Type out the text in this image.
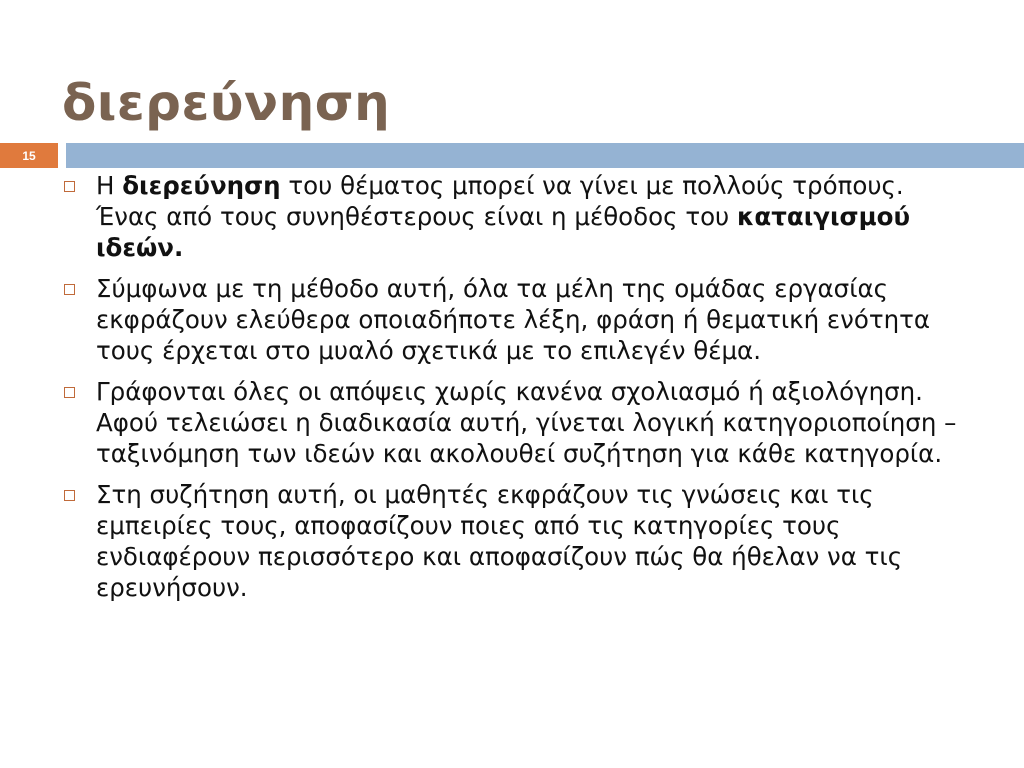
διερεύνηση
15
Η διερεύνηση του θέματος μπορεί να γίνει με πολλούς τρόπους. Ένας από τους συνηθέστερους είναι η μέθοδος του καταιγισμού ιδεών.
Σύμφωνα με τη μέθοδο αυτή, όλα τα μέλη της ομάδας εργασίας εκφράζουν ελεύθερα οποιαδήποτε λέξη, φράση ή θεματική ενότητα τους έρχεται στο μυαλό σχετικά με το επιλεγέν θέμα.
Γράφονται όλες οι απόψεις χωρίς κανένα σχολιασμό ή αξιολόγηση. Αφού τελειώσει η διαδικασία αυτή, γίνεται λογική κατηγοριοποίηση – ταξινόμηση των ιδεών και ακολουθεί συζήτηση για κάθε κατηγορία.
Στη συζήτηση αυτή, οι μαθητές εκφράζουν τις γνώσεις και τις εμπειρίες τους, αποφασίζουν ποιες από τις κατηγορίες τους ενδιαφέρουν περισσότερο και αποφασίζουν πώς θα ήθελαν να τις ερευνήσουν.
